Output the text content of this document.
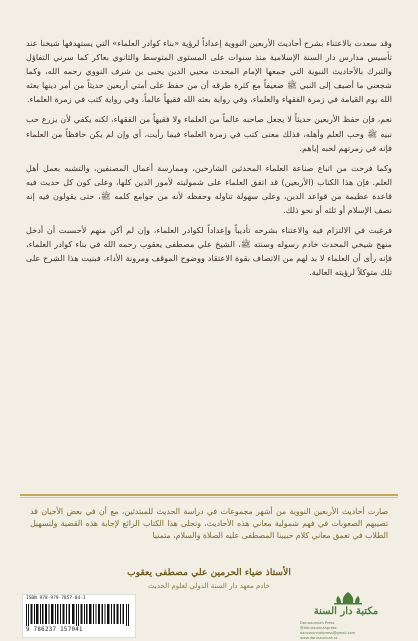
وقد سعدت بالاعتناء بشرح أحاديث الأربعين النووية إعداداً لرؤية «بناء كوادر العلماء» التي يستهدفها شيخنا عند تأسيس مدارس دار السنة الإسلامية منذ سنوات على المستوى المتوسط والثانوي بعاكر كما سرني التفاؤل والتبرك بالأحاديث النبوية التي جمعها الإمام المحدث محيي الدين يحيى بن شرف النووي رحمه الله، وكما شجعني ما أصيف إلى النبي ﷺ ضعيفاً مع كثرة طرقه أن من حفظ على أمتي أربعين حديثاً من أمر دينها بعثه الله يوم القيامة في زمرة الفقهاء والعلماء، وفي رواية بعثه الله فقيهاً عالماً، وفي رواية كتب في زمرة العلماء.

نعم، فإن حفظ الأربعين حديثاً لا يجعل صاحبه عالماً من العلماء ولا فقيهاً من الفقهاء، لكنه يكفي لأن يزرع حب نبيه ﷺ وحب العلم وأهله، فذلك معنى كتب في زمرة العلماء فيما رأيت، أي وإن لم يكن حافظاً من العلماء فإنه في زمرتهم لحبه إياهم.

وكما فرحت من اتباع صناعة العلماء المحدثين الشارحين، وممارسة أعمال المصنفين، والتشبه بعمل أهل العلم. فإن هذا الكتاب (الأربعين) قد اتفق العلماء على شموليته لأمور الدين كلها، وعلى كون كل حديث فيه قاعدة عظيمة من قواعد الدين، وعلى سهولة تناوله وحفظه لأنه من جوامع كلمه ﷺ، حتى يقولون فيه إنه نصف الإسلام أو ثلثه أو نحو ذلك.

فرغبت في الالتزام فيه والاعتناء بشرحه تأديباً وإعداداً لكوادر العلماء، وإن لم أكن منهم لأحسبت أن أدخل منهج شيخي المحدث خادم رسوله وسنته ﷺ، الشيخ علي مصطفى يعقوب رحمه الله في بناء كوادر العلماء، فإنه رأى أن العلماء لا بد لهم من الاتصاف بقوة الاعتقاد ووضوح الموقف ومرونة الأداء، فبنيت هذا الشرح على تلك متوكلاً لرؤيته العالية.

صارت أحاديث الأربعين النووية من أشهر مجموعات في دراسة الحديث للمبتدئين، مع أن في بعض الأحيان قد تصيبهم الصعوبات في فهم شمولية معاني هذه الأحاديث، وتجلى هذا الكتاب الرائع لإجابة هذه القضية ولتسهيل الطلاب في تعمق معاني كلام حبيبنا المصطفى عليه الصلاة والسلام، متمنيا

الأستاذ ضياء الحرمين علي مصطفى يعقوب
خادم معهد دار السنة الدولي لعلوم الحديث
ISBN 978-979-7857-04-1
9 786237 157041
مكتبة دار السنة
Darussunnah Press
@darussunnahpress
darussunnahpress@gmail.com
www.darussunnah.id
